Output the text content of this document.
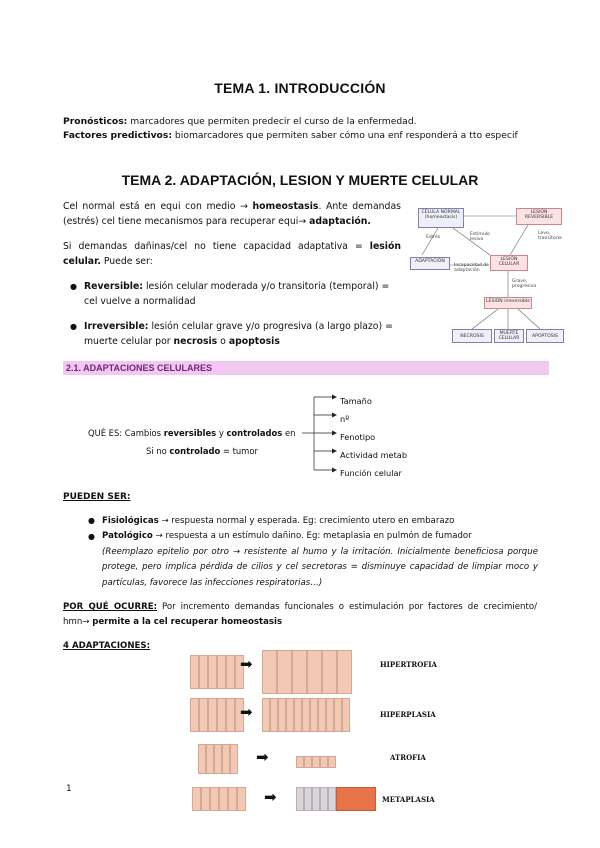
TEMA 1. INTRODUCCIÓN
Pronósticos: marcadores que permiten predecir el curso de la enfermedad.
Factores predictivos: biomarcadores que permiten saber cómo una enf responderá a tto especif
TEMA 2. ADAPTACIÓN, LESION Y MUERTE CELULAR
Cel normal está en equi con medio → homeostasis. Ante demandas (estrés) cel tiene mecanismos para recuperar equi→ adaptación.
Si demandas dañinas/cel no tiene capacidad adaptativa = lesión celular. Puede ser:
● Reversible: lesión celular moderada y/o transitoria (temporal) = cel vuelve a normalidad
● Irreversible: lesión celular grave y/o progresiva (a largo plazo) = muerte celular por necrosis o apoptosis
CÉLULA NORMAL (homeostasis)
LESIÓN REVERSIBLE
Estrés
Estímulo lesivo
Leve, transitoria
ADAPTACIÓN
Incapacidad de adaptación
LESIÓN CELULAR
Grave, progresiva
LESIÓN irreversible
NECROSIS
MUERTE CELULAR	APOPTOSIS
2.1. ADAPTACIONES CELULARES
QUÉ ES: Cambios reversibles y controlados en
Si no controlado = tumor
Tamaño
nº
Fenotipo
Actividad metab
Función celular
PUEDEN SER:
● Fisiológicas → respuesta normal y esperada. Eg: crecimiento utero en embarazo
● Patológico → respuesta a un estímulo dañino. Eg: metaplasia en pulmón de fumador
(Reemplazo epitelio por otro → resistente al humo y la irritación. Inicialmente beneficiosa porque protege, pero implica pérdida de cilios y cel secretoras = disminuye capacidad de limpiar moco y partículas, favorece las infecciones respiratorias…)
POR QUÉ OCURRE: Por incremento demandas funcionales o estimulación por factores de crecimiento/ hmn→ permite a la cel recuperar homeostasis
4 ADAPTACIONES:
➡	HIPERTROFIA
➡	HIPERPLASIA
➡	ATROFIA
➡	METAPLASIA
1
